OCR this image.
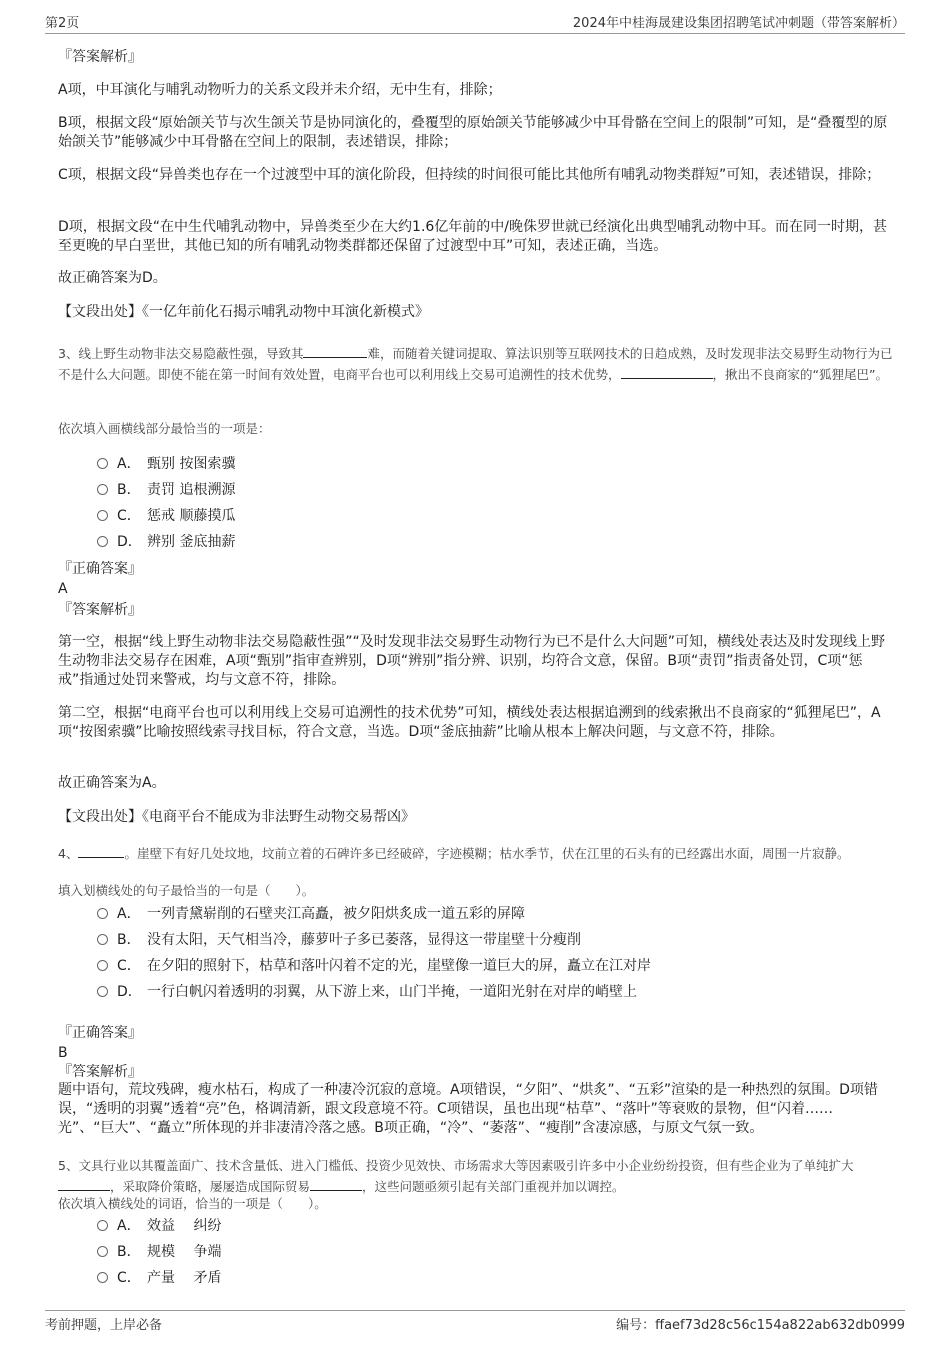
第2页	2024年中桂海晟建设集团招聘笔试冲刺题（带答案解析）

『答案解析』

A项，中耳演化与哺乳动物听力的关系文段并未介绍，无中生有，排除；

B项，根据文段“原始颌关节与次生颌关节是协同演化的，叠覆型的原始颌关节能够减少中耳骨骼在空间上的限制”可知，是“叠覆型的原始颌关节”能够减少中耳骨骼在空间上的限制，表述错误，排除；

C项，根据文段“异兽类也存在一个过渡型中耳的演化阶段，但持续的时间很可能比其他所有哺乳动物类群短”可知，表述错误，排除；

D项，根据文段“在中生代哺乳动物中，异兽类至少在大约1.6亿年前的中/晚侏罗世就已经演化出典型哺乳动物中耳。而在同一时期，甚至更晚的早白垩世，其他已知的所有哺乳动物类群都还保留了过渡型中耳”可知，表述正确，当选。

故正确答案为D。

【文段出处】《一亿年前化石揭示哺乳动物中耳演化新模式》

3、线上野生动物非法交易隐蔽性强，导致其	难，而随着关键词提取、算法识别等互联网技术的日趋成熟，及时发现非法交易野生动物行为已不是什么大问题。即使不能在第一时间有效处置，电商平台也可以利用线上交易可追溯性的技术优势，	，揪出不良商家的“狐狸尾巴”。

依次填入画横线部分最恰当的一项是：

A． 甄别 按图索骥
B． 责罚 追根溯源
C． 惩戒 顺藤摸瓜
D． 辨别 釜底抽薪

『正确答案』

A

『答案解析』

第一空，根据“线上野生动物非法交易隐蔽性强”“及时发现非法交易野生动物行为已不是什么大问题”可知，横线处表达及时发现线上野生动物非法交易存在困难，A项“甄别”指审查辨别，D项“辨别”指分辨、识别，均符合文意，保留。B项“责罚”指责备处罚，C项“惩戒”指通过处罚来警戒，均与文意不符，排除。

第二空，根据“电商平台也可以利用线上交易可追溯性的技术优势”可知，横线处表达根据追溯到的线索揪出不良商家的“狐狸尾巴”，A项“按图索骥”比喻按照线索寻找目标，符合文意，当选。D项“釜底抽薪”比喻从根本上解决问题，与文意不符，排除。

故正确答案为A。

【文段出处】《电商平台不能成为非法野生动物交易帮凶》

4、	。崖壁下有好几处坟地，坟前立着的石碑许多已经破碎，字迹模糊；枯水季节，伏在江里的石头有的已经露出水面，周围一片寂静。

填入划横线处的句子最恰当的一句是（　　）。

A． 一列青黛崭削的石壁夹江高矗，被夕阳烘炙成一道五彩的屏障
B． 没有太阳，天气相当冷，藤萝叶子多已萎落，显得这一带崖壁十分瘦削
C． 在夕阳的照射下，枯草和落叶闪着不定的光，崖壁像一道巨大的屏，矗立在江对岸
D． 一行白帆闪着透明的羽翼，从下游上来，山门半掩，一道阳光射在对岸的峭壁上

『正确答案』

B

『答案解析』

题中语句，荒坟残碑，瘦水枯石，构成了一种凄冷沉寂的意境。A项错误，“夕阳”、“烘炙”、“五彩”渲染的是一种热烈的氛围。D项错误，“透明的羽翼”透着“亮”色，格调清新，跟文段意境不符。C项错误，虽也出现“枯草”、“落叶”等衰败的景物，但“闪着……光”、“巨大”、“矗立”所体现的并非凄清冷落之感。B项正确，“冷”、“萎落”、“瘦削”含凄凉感，与原文气氛一致。

5、文具行业以其覆盖面广、技术含量低、进入门槛低、投资少见效快、市场需求大等因素吸引许多中小企业纷纷投资，但有些企业为了单纯扩大，采取降价策略，屡屡造成国际贸易	，这些问题亟须引起有关部门重视并加以调控。

依次填入横线处的词语，恰当的一项是（　　）。

A． 效益　 纠纷
B． 规模　 争端
C． 产量　 矛盾
考前押题，上岸必备	编号：ffaef73d28c56c154a822ab632db0999
